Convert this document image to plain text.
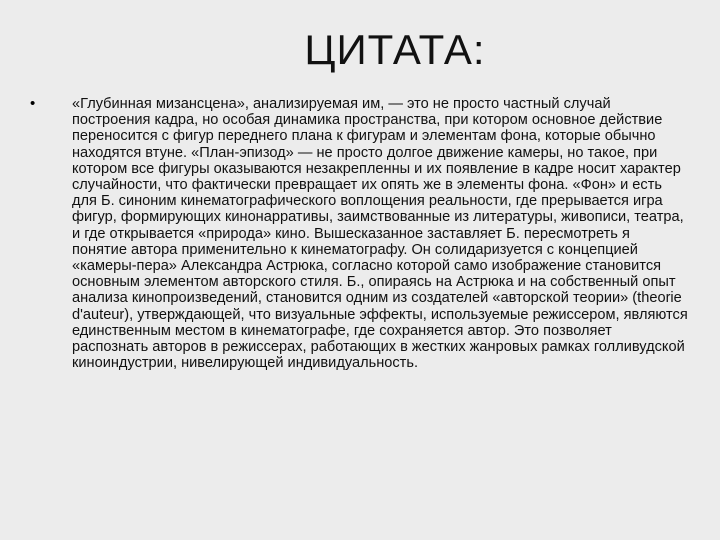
ЦИТАТА:
•	«Глубинная мизансцена», анализируемая им, — это не просто частный случай построения кадра, но особая динамика пространства, при котором основное действие переносится с фигур переднего плана к фигурам и элементам фона, которые обычно находятся втуне. «План-эпизод» — не просто долгое движение камеры, но такое, при котором все фигуры оказываются незакрепленны и их появление в кадре носит характер случайности, что фактически превращает их опять же в элементы фона. «Фон» и есть для Б. синоним кинематографического воплощения реальности, где прерывается игра фигур, формирующих кинонарративы, заимствованные из литературы, живописи, театра, и где открывается «природа» кино. Вышесказанное заставляет Б. пересмотреть я понятие автора применительно к кинематографу. Он солидаризуется с концепцией «камеры-пера» Александра Астрюка, согласно которой само изображение становится основным элементом авторского стиля. Б., опираясь на Астрюка и на собственный опыт анализа кинопроизведений, становится одним из создателей «авторской теории» (theorie d'auteur), утверждающей, что визуальные эффекты, используемые режиссером, являются единственным местом в кинематографе, где сохраняется автор. Это позволяет распознать авторов в режиссерах, работающих в жестких жанровых рамках голливудской киноиндустрии, нивелирующей индивидуальность.
